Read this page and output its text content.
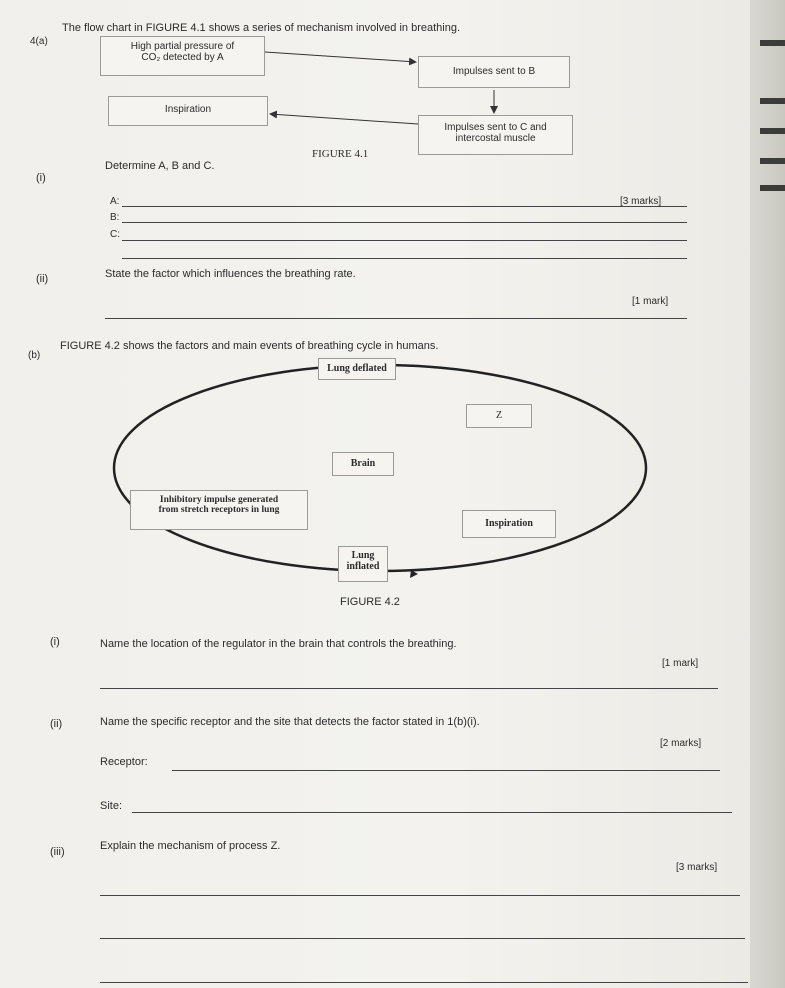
4(a)
The flow chart in FIGURE 4.1 shows a series of mechanism involved in breathing.
High partial pressure of
CO₂ detected by A
Impulses sent to B
Impulses sent to C and
intercostal muscle
Inspiration
FIGURE 4.1
(i)
Determine A, B and C.
A:
B:
C:
[3 marks]
(ii)	State the factor which influences the breathing rate.
[1 mark]
(b)
FIGURE 4.2 shows the factors and main events of breathing cycle in humans.
Lung deflated
Z
Brain
Inhibitory impulse generated
from stretch receptors in lung
Inspiration
Lung
inflated
FIGURE 4.2
(i)	Name the location of the regulator in the brain that controls the breathing.
[1 mark]
(ii)	Name the specific receptor and the site that detects the factor stated in 1(b)(i).
[2 marks]
Receptor:
Site:
(iii)	Explain the mechanism of process Z.
[3 marks]
